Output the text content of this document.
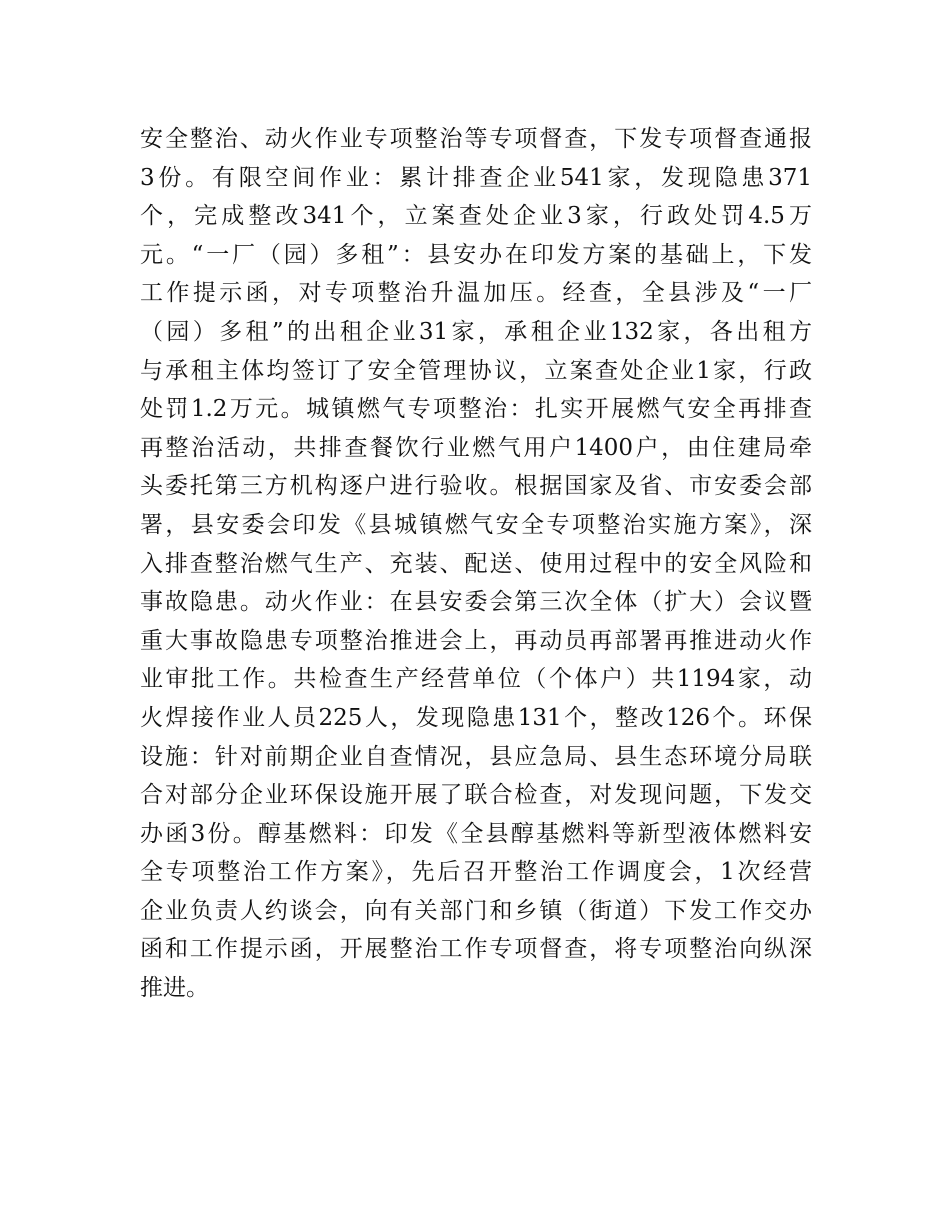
安全整治、动火作业专项整治等专项督查，下发专项督查通报
3份。有限空间作业：累计排查企业541家，发现隐患371
个，完成整改341个，立案查处企业3家，行政处罚4.5万
元。“一厂（园）多租”：县安办在印发方案的基础上，下发
工作提示函，对专项整治升温加压。经查，全县涉及“一厂
（园）多租”的出租企业31家，承租企业132家，各出租方
与承租主体均签订了安全管理协议，立案查处企业1家，行政
处罚1.2万元。城镇燃气专项整治：扎实开展燃气安全再排查
再整治活动，共排查餐饮行业燃气用户1400户，由住建局牵
头委托第三方机构逐户进行验收。根据国家及省、市安委会部
署，县安委会印发《县城镇燃气安全专项整治实施方案》，深
入排查整治燃气生产、充装、配送、使用过程中的安全风险和
事故隐患。动火作业：在县安委会第三次全体（扩大）会议暨
重大事故隐患专项整治推进会上，再动员再部署再推进动火作
业审批工作。共检查生产经营单位（个体户）共1194家，动
火焊接作业人员225人，发现隐患131个，整改126个。环保
设施：针对前期企业自查情况，县应急局、县生态环境分局联
合对部分企业环保设施开展了联合检查，对发现问题，下发交
办函3份。醇基燃料：印发《全县醇基燃料等新型液体燃料安
全专项整治工作方案》，先后召开整治工作调度会，1次经营
企业负责人约谈会，向有关部门和乡镇（街道）下发工作交办
函和工作提示函，开展整治工作专项督查，将专项整治向纵深
推进。
